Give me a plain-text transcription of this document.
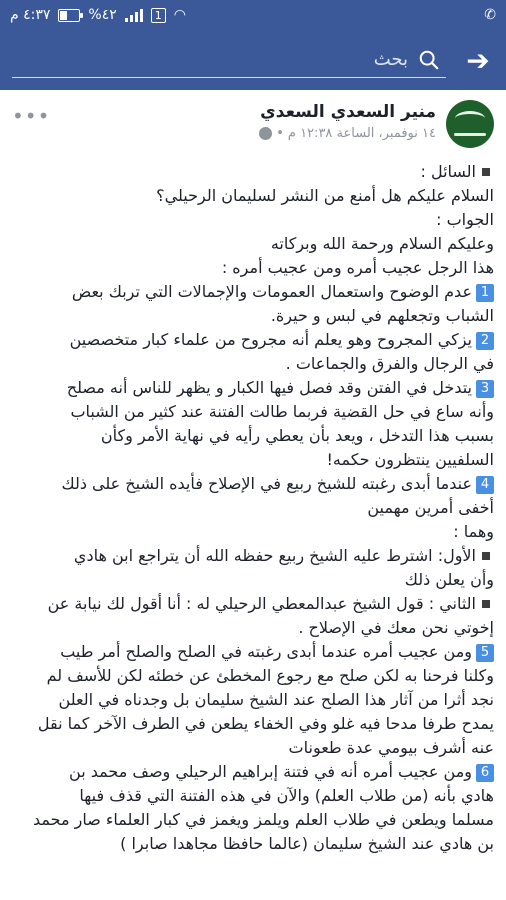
٤:٣٧ م	%٤٢	1 ◠	✆
بحث ➔
منير السعدي السعدي
١٤ نوفمبر، الساعة ١٢:٣٨ م
•
•••
السائل :
السلام عليكم هل أمنع من النشر لسليمان الرحيلي؟
الجواب :
وعليكم السلام ورحمة الله وبركاته
هذا الرجل عجيب أمره ومن عجيب أمره :
1عدم الوضوح واستعمال العمومات والإجمالات التي تربك بعض
الشباب وتجعلهم في لبس و حيرة.
2يزكي المجروح وهو يعلم أنه مجروح من علماء كبار متخصصين
في الرجال والفرق والجماعات .
3يتدخل في الفتن وقد فصل فيها الكبار و يظهر للناس أنه مصلح
وأنه ساع في حل القضية فربما طالت الفتنة عند كثير من الشباب
بسبب هذا التدخل ، ويعد بأن يعطي رأيه في نهاية الأمر وكأن
السلفيين ينتظرون حكمه!
4عندما أبدى رغبته للشيخ ربيع في الإصلاح فأيده الشيخ على ذلك
أخفى أمرين مهمين
وهما :
الأول: اشترط عليه الشيخ ربيع حفظه الله أن يتراجع ابن هادي
وأن يعلن ذلك
الثاني : قول الشيخ عبدالمعطي الرحيلي له : أنا أقول لك نيابة عن
إخوتي نحن معك في الإصلاح .
5ومن عجيب أمره عندما أبدى رغبته في الصلح والصلح أمر طيب
وكلنا فرحنا به لكن صلح مع رجوع المخطئ عن خطئه لكن للأسف لم
نجد أثرا من آثار هذا الصلح عند الشيخ سليمان بل وجدناه في العلن
يمدح طرفا مدحا فيه غلو وفي الخفاء يطعن في الطرف الآخر كما نقل
عنه أشرف بيومي عدة طعونات
6ومن عجيب أمره أنه في فتنة إبراهيم الرحيلي وصف محمد بن
هادي بأنه (من طلاب العلم) والآن في هذه الفتنة التي قذف فيها
مسلما ويطعن في طلاب العلم ويلمز ويغمز في كبار العلماء صار محمد
بن هادي عند الشيخ سليمان (عالما حافظا مجاهدا صابرا )
